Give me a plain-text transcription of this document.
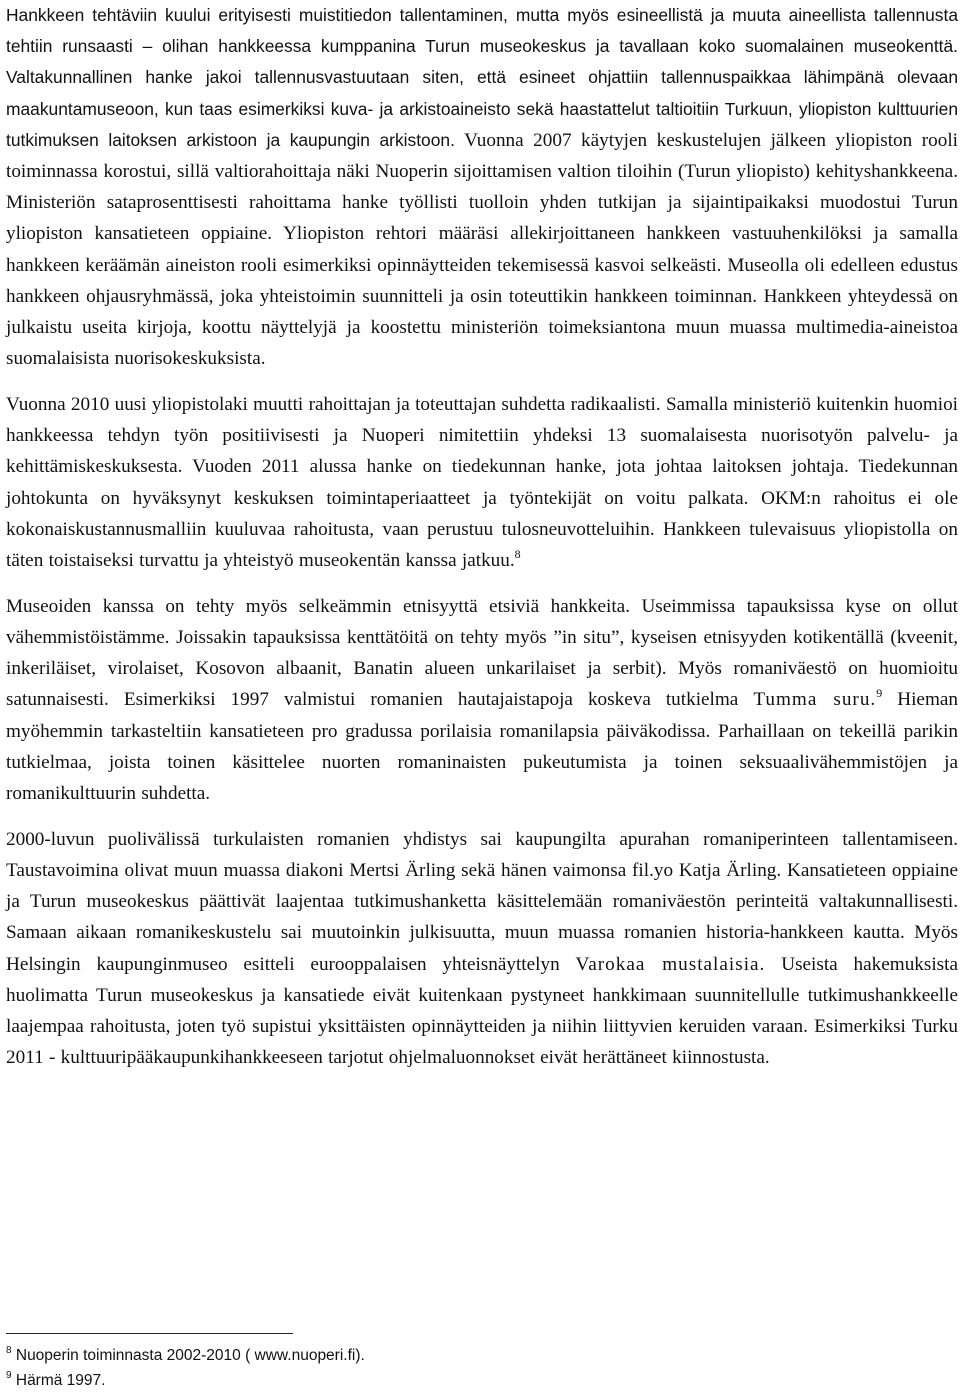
Hankkeen tehtäviin kuului erityisesti muistitiedon tallentaminen, mutta myös esineellistä ja muuta aineellista tallennusta tehtiin runsaasti – olihan hankkeessa kumppanina Turun museokeskus ja tavallaan koko suomalainen museokenttä. Valtakunnallinen hanke jakoi tallennusvastuutaan siten, että esineet ohjattiin tallennuspaikkaa lähimpänä olevaan maakuntamuseoon, kun taas esimerkiksi kuva- ja arkistoaineisto sekä haastattelut taltioitiin Turkuun, yliopiston kulttuurien tutkimuksen laitoksen arkistoon ja kaupungin arkistoon. Vuonna 2007 käytyjen keskustelujen jälkeen yliopiston rooli toiminnassa korostui, sillä valtiorahoittaja näki Nuoperin sijoittamisen valtion tiloihin (Turun yliopisto) kehityshankkeena. Ministeriön sataprosenttisesti rahoittama hanke työllisti tuolloin yhden tutkijan ja sijaintipaikaksi muodostui Turun yliopiston kansatieteen oppiaine. Yliopiston rehtori määräsi allekirjoittaneen hankkeen vastuuhenkilöksi ja samalla hankkeen keräämän aineiston rooli esimerkiksi opinnäytteiden tekemisessä kasvoi selkeästi. Museolla oli edelleen edustus hankkeen ohjausryhmässä, joka yhteistoimin suunnitteli ja osin toteuttikin hankkeen toiminnan. Hankkeen yhteydessä on julkaistu useita kirjoja, koottu näyttelyjä ja koostettu ministeriön toimeksiantona muun muassa multimedia-aineistoa suomalaisista nuorisokeskuksista.

Vuonna 2010 uusi yliopistolaki muutti rahoittajan ja toteuttajan suhdetta radikaalisti. Samalla ministeriö kuitenkin huomioi hankkeessa tehdyn työn positiivisesti ja Nuoperi nimitettiin yhdeksi 13 suomalaisesta nuorisotyön palvelu- ja kehittämiskeskuksesta. Vuoden 2011 alussa hanke on tiedekunnan hanke, jota johtaa laitoksen johtaja. Tiedekunnan johtokunta on hyväksynyt keskuksen toimintaperiaatteet ja työntekijät on voitu palkata. OKM:n rahoitus ei ole kokonaiskustannusmalliin kuuluvaa rahoitusta, vaan perustuu tulosneuvotteluihin. Hankkeen tulevaisuus yliopistolla on täten toistaiseksi turvattu ja yhteistyö museokentän kanssa jatkuu.$^8$

Museoiden kanssa on tehty myös selkeämmin etnisyyttä etsiviä hankkeita. Useimmissa tapauksissa kyse on ollut vähemmistöistämme. Joissakin tapauksissa kenttätöitä on tehty myös ”in situ”, kyseisen etnisyyden kotikentällä (kveenit, inkeriläiset, virolaiset, Kosovon albaanit, Banatin alueen unkarilaiset ja serbit). Myös romaniväestö on huomioitu satunnaisesti. Esimerkiksi 1997 valmistui romanien hautajaistapoja koskeva tutkielma Tumma suru.$^9$ Hieman myöhemmin tarkasteltiin kansatieteen pro gradussa porilaisia romanilapsia päiväkodissa. Parhaillaan on tekeillä parikin tutkielmaa, joista toinen käsittelee nuorten romaninaisten pukeutumista ja toinen seksuaalivähemmistöjen ja romanikulttuurin suhdetta.

2000-luvun puolivälissä turkulaisten romanien yhdistys sai kaupungilta apurahan romaniperinteen tallentamiseen. Taustavoimina olivat muun muassa diakoni Mertsi Ärling sekä hänen vaimonsa fil.yo Katja Ärling. Kansatieteen oppiaine ja Turun museokeskus päättivät laajentaa tutkimushanketta käsittelemään romaniväestön perinteitä valtakunnallisesti. Samaan aikaan romanikeskustelu sai muutoinkin julkisuutta, muun muassa romanien historia-hankkeen kautta. Myös Helsingin kaupunginmuseo esitteli eurooppalaisen yhteisnäyttelyn Varokaa mustalaisia. Useista hakemuksista huolimatta Turun museokeskus ja kansatiede eivät kuitenkaan pystyneet hankkimaan suunnitellulle tutkimushankkeelle laajempaa rahoitusta, joten työ supistui yksittäisten opinnäytteiden ja niihin liittyvien keruiden varaan. Esimerkiksi Turku 2011 - kulttuuripääkaupunkihankkeeseen tarjotut ohjelmaluonnokset eivät herättäneet kiinnostusta.

$^8$ Nuoperin toiminnasta 2002-2010 ( www.nuoperi.fi).
$^9$ Härmä 1997.
